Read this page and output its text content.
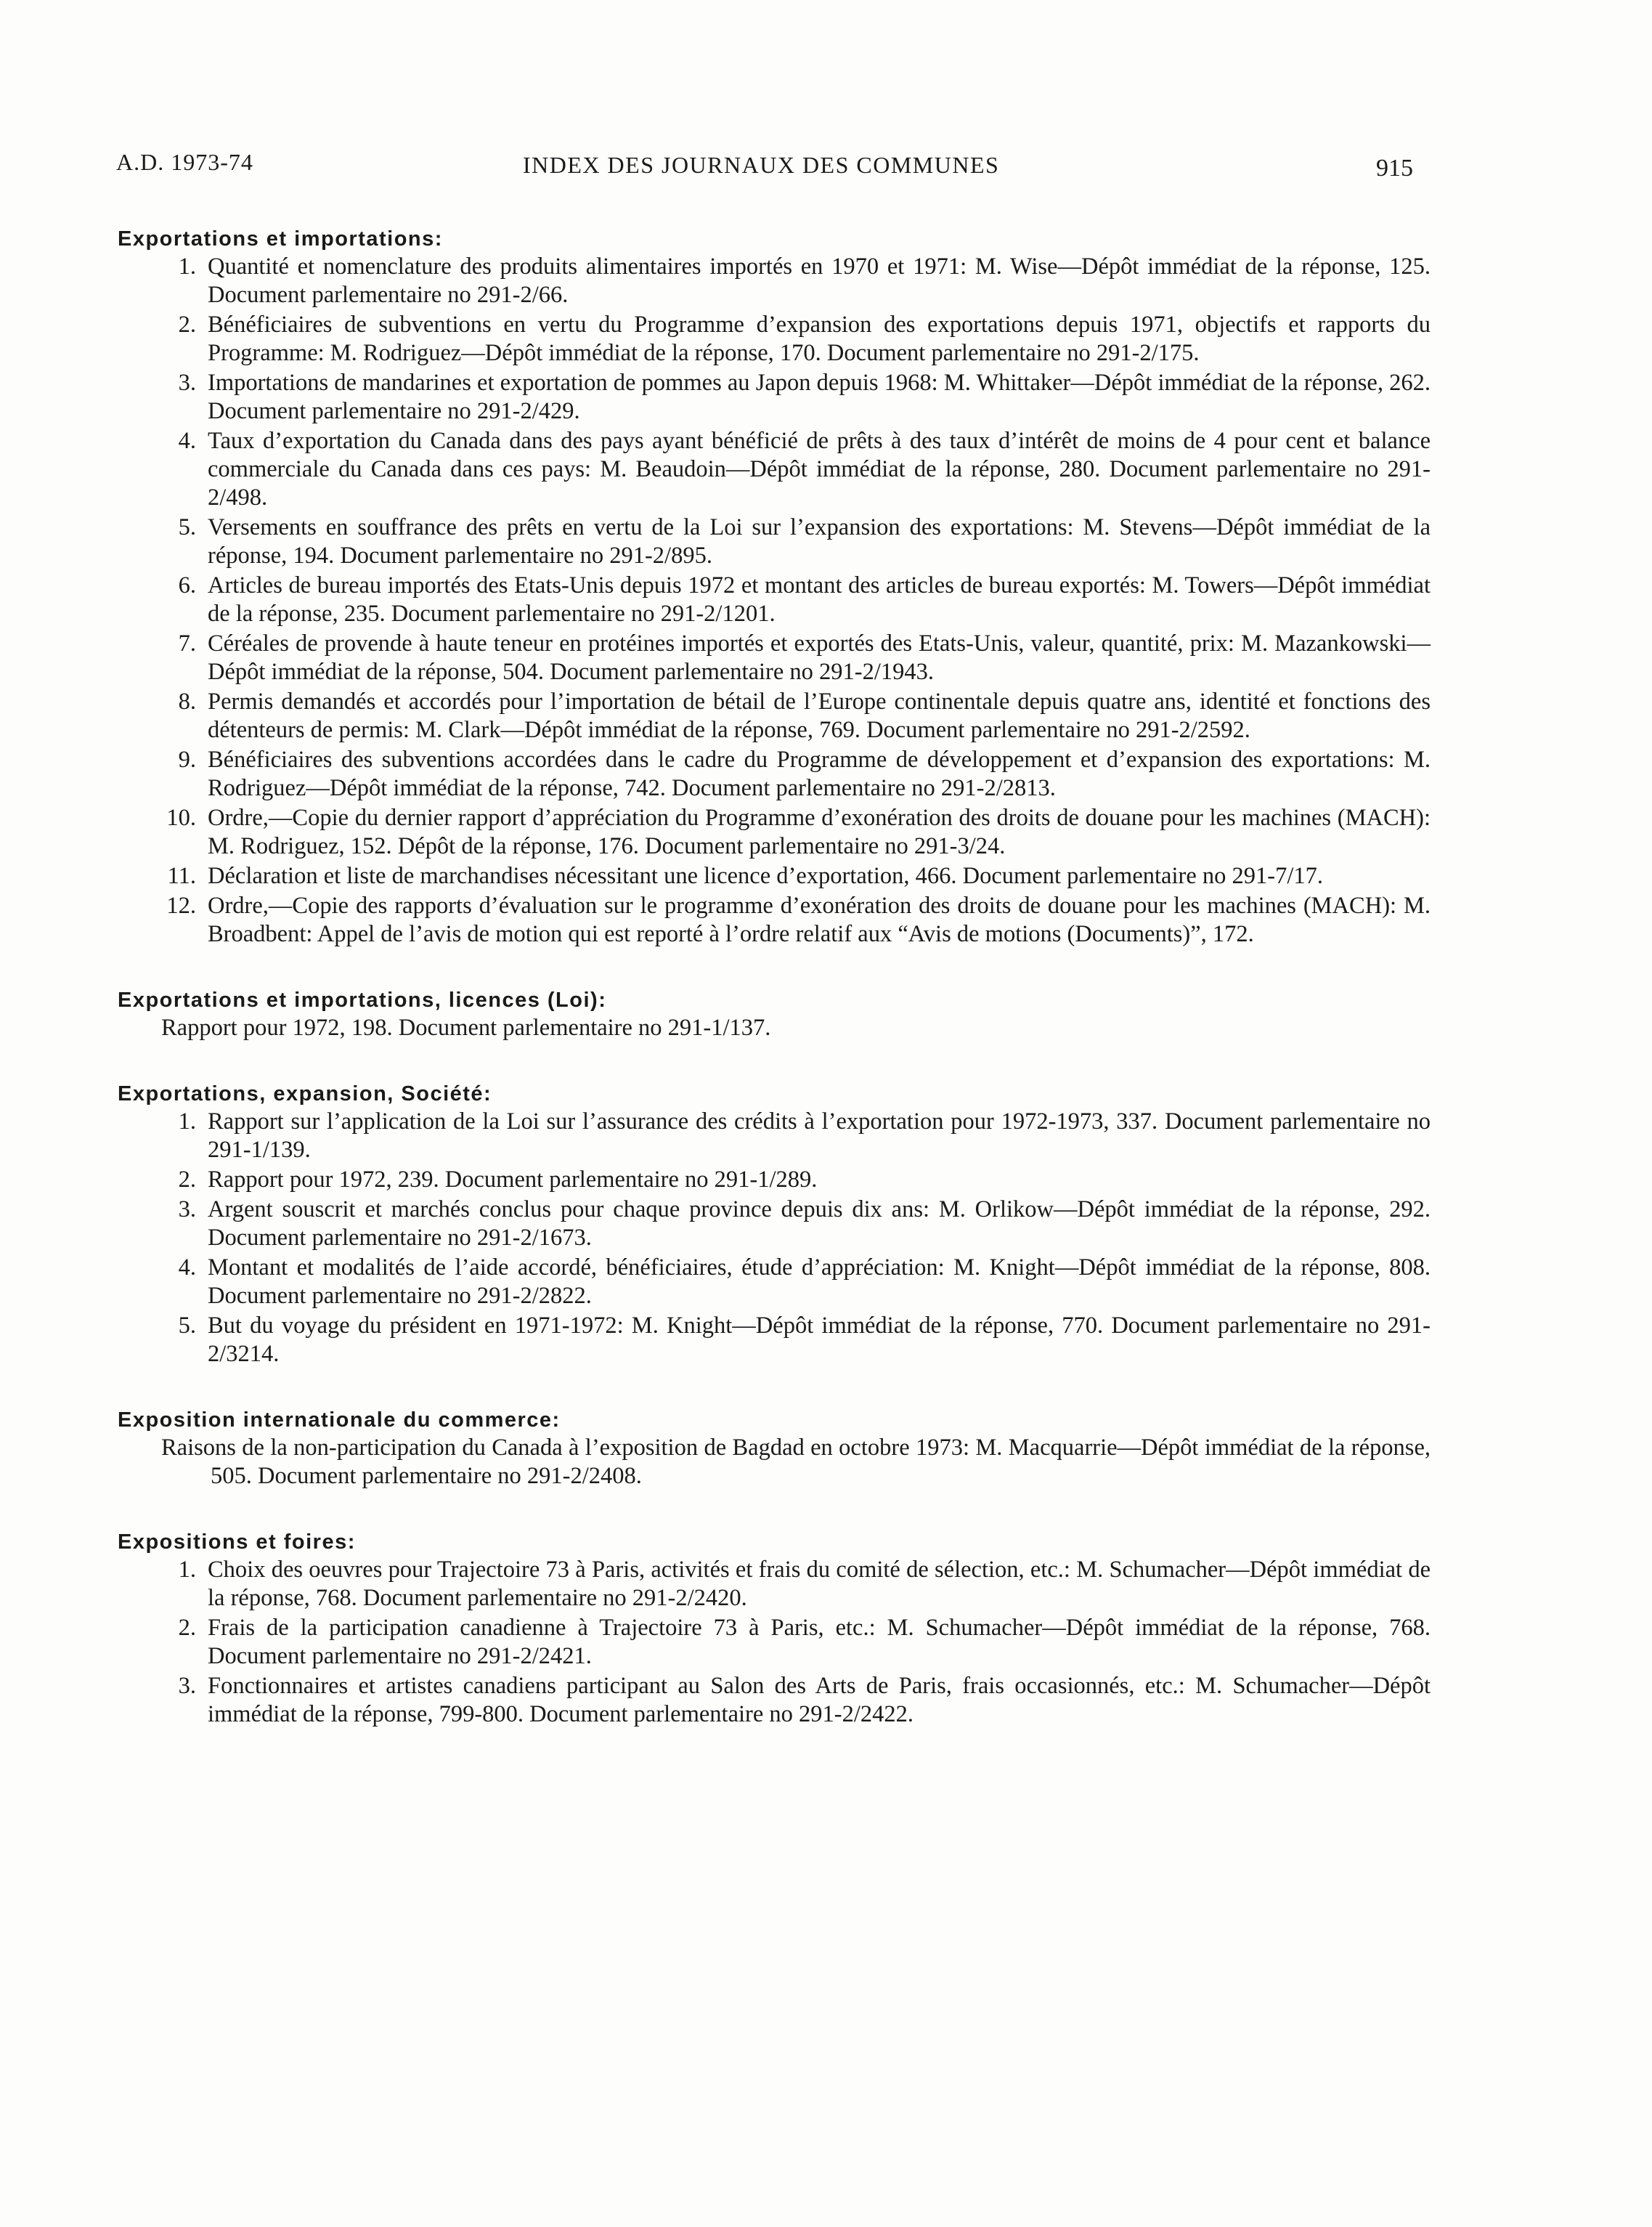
A.D. 1973-74	INDEX DES JOURNAUX DES COMMUNES	915
Exportations et importations:
1. Quantité et nomenclature des produits alimentaires importés en 1970 et 1971: M. Wise—Dépôt immédiat de la réponse, 125. Document parlementaire no 291-2/66.
2. Bénéficiaires de subventions en vertu du Programme d’expansion des exportations depuis 1971, objectifs et rapports du Programme: M. Rodriguez—Dépôt immédiat de la réponse, 170. Document parlementaire no 291-2/175.
3. Importations de mandarines et exportation de pommes au Japon depuis 1968: M. Whittaker—Dépôt immédiat de la réponse, 262. Document parlementaire no 291-2/429.
4. Taux d’exportation du Canada dans des pays ayant bénéficié de prêts à des taux d’intérêt de moins de 4 pour cent et balance commerciale du Canada dans ces pays: M. Beaudoin—Dépôt immédiat de la réponse, 280. Document parlementaire no 291-2/498.
5. Versements en souffrance des prêts en vertu de la Loi sur l’expansion des exportations: M. Stevens—Dépôt immédiat de la réponse, 194. Document parlementaire no 291-2/895.
6. Articles de bureau importés des Etats-Unis depuis 1972 et montant des articles de bureau exportés: M. Towers—Dépôt immédiat de la réponse, 235. Document parlementaire no 291-2/1201.
7. Céréales de provende à haute teneur en protéines importés et exportés des Etats-Unis, valeur, quantité, prix: M. Mazankowski—Dépôt immédiat de la réponse, 504. Document parlementaire no 291-2/1943.
8. Permis demandés et accordés pour l’importation de bétail de l’Europe continentale depuis quatre ans, identité et fonctions des détenteurs de permis: M. Clark—Dépôt immédiat de la réponse, 769. Document parlementaire no 291-2/2592.
9. Bénéficiaires des subventions accordées dans le cadre du Programme de développement et d’expansion des exportations: M. Rodriguez—Dépôt immédiat de la réponse, 742. Document parlementaire no 291-2/2813.
10. Ordre,—Copie du dernier rapport d’appréciation du Programme d’exonération des droits de douane pour les machines (MACH): M. Rodriguez, 152. Dépôt de la réponse, 176. Document parlementaire no 291-3/24.
11. Déclaration et liste de marchandises nécessitant une licence d’exportation, 466. Document parlementaire no 291-7/17.
12. Ordre,—Copie des rapports d’évaluation sur le programme d’exonération des droits de douane pour les machines (MACH): M. Broadbent: Appel de l’avis de motion qui est reporté à l’ordre relatif aux “Avis de motions (Documents)”, 172.
Exportations et importations, licences (Loi):
Rapport pour 1972, 198. Document parlementaire no 291-1/137.
Exportations, expansion, Société:
1. Rapport sur l’application de la Loi sur l’assurance des crédits à l’exportation pour 1972-1973, 337. Document parlementaire no 291-1/139.
2. Rapport pour 1972, 239. Document parlementaire no 291-1/289.
3. Argent souscrit et marchés conclus pour chaque province depuis dix ans: M. Orlikow—Dépôt immédiat de la réponse, 292. Document parlementaire no 291-2/1673.
4. Montant et modalités de l’aide accordé, bénéficiaires, étude d’appréciation: M. Knight—Dépôt immédiat de la réponse, 808. Document parlementaire no 291-2/2822.
5. But du voyage du président en 1971-1972: M. Knight—Dépôt immédiat de la réponse, 770. Document parlementaire no 291-2/3214.
Exposition internationale du commerce:
Raisons de la non-participation du Canada à l’exposition de Bagdad en octobre 1973: M. Macquarrie—Dépôt immédiat de la réponse, 505. Document parlementaire no 291-2/2408.
Expositions et foires:
1. Choix des oeuvres pour Trajectoire 73 à Paris, activités et frais du comité de sélection, etc.: M. Schumacher—Dépôt immédiat de la réponse, 768. Document parlementaire no 291-2/2420.
2. Frais de la participation canadienne à Trajectoire 73 à Paris, etc.: M. Schumacher—Dépôt immédiat de la réponse, 768. Document parlementaire no 291-2/2421.
3. Fonctionnaires et artistes canadiens participant au Salon des Arts de Paris, frais occasionnés, etc.: M. Schumacher—Dépôt immédiat de la réponse, 799-800. Document parlementaire no 291-2/2422.
